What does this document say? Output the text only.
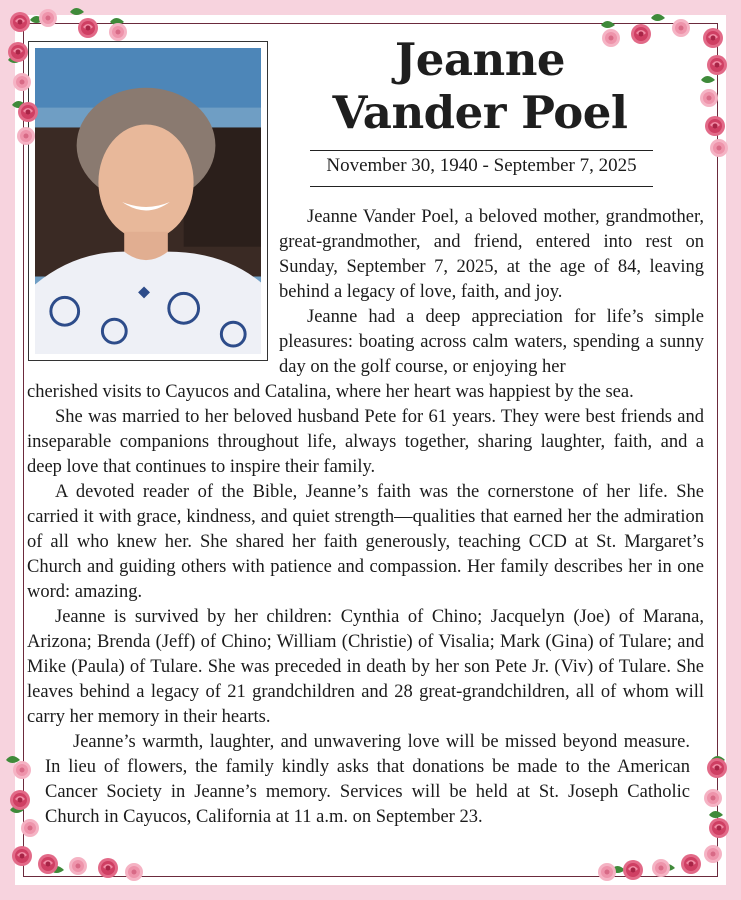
Jeanne
Vander Poel
November 30, 1940 - September 7, 2025

Jeanne Vander Poel, a beloved mother, grandmother, great-grandmother, and friend, entered into rest on Sunday, September 7, 2025, at the age of 84, leaving behind a legacy of love, faith, and joy.

Jeanne had a deep appreciation for life’s simple pleasures: boating across calm waters, spending a sunny day on the golf course, or enjoying her

cherished visits to Cayucos and Catalina, where her heart was happiest by the sea.

She was married to her beloved husband Pete for 61 years. They were best friends and inseparable companions throughout life, always together, sharing laughter, faith, and a deep love that continues to inspire their family.

A devoted reader of the Bible, Jeanne’s faith was the cornerstone of her life. She carried it with grace, kindness, and quiet strength—qualities that earned her the admiration of all who knew her. She shared her faith generously, teaching CCD at St. Margaret’s Church and guiding others with patience and compassion. Her family describes her in one word: amazing.

Jeanne is survived by her children: Cynthia of Chino; Jacquelyn (Joe) of Marana, Arizona; Brenda (Jeff) of Chino; William (Christie) of Visalia; Mark (Gina) of Tulare; and Mike (Paula) of Tulare. She was preceded in death by her son Pete Jr. (Viv) of Tulare. She leaves behind a legacy of 21 grandchildren and 28 great-grandchildren, all of whom will carry her memory in their hearts.

Jeanne’s warmth, laughter, and unwavering love will be missed beyond measure. In lieu of flowers, the family kindly asks that donations be made to the American Cancer Society in Jeanne’s memory. Services will be held at St. Joseph Catholic Church in Cayucos, California at 11 a.m. on September 23.
